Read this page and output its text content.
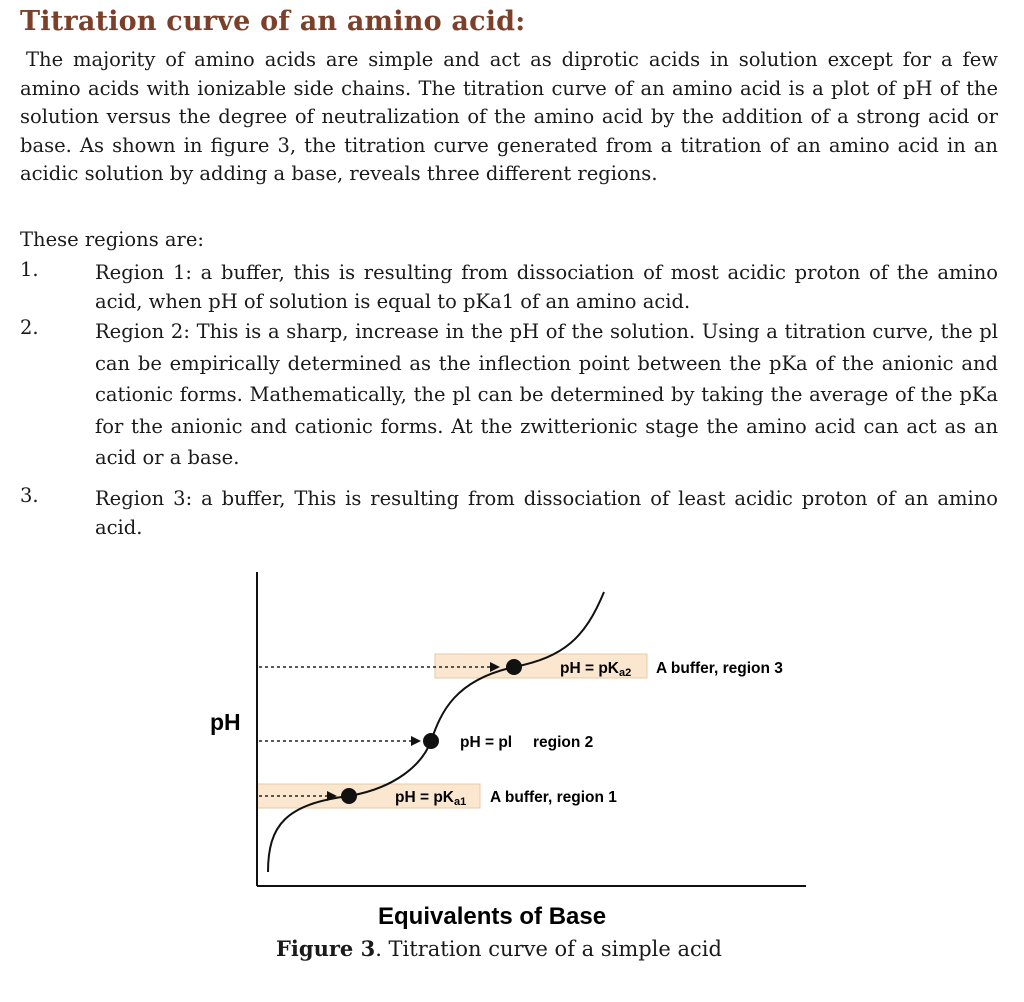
Titration curve of an amino acid:
The majority of amino acids are simple and act as diprotic acids in solution except for a few amino acids with ionizable side chains. The titration curve of an amino acid is a plot of pH of the solution versus the degree of neutralization of the amino acid by the addition of a strong acid or base. As shown in figure 3, the titration curve generated from a titration of an amino acid in an acidic solution by adding a base, reveals three different regions.
These regions are:
1.	Region 1: a buffer, this is resulting from dissociation of most acidic proton of the amino acid, when pH of solution is equal to pKa1 of an amino acid.
2.	Region 2: This is a sharp, increase in the pH of the solution. Using a titration curve, the pl can be empirically determined as the inflection point between the pKa of the anionic and cationic forms. Mathematically, the pl can be determined by taking the average of the pKa for the anionic and cationic forms. At the zwitterionic stage the amino acid can act as an acid or a base.
3.	Region 3: a buffer, This is resulting from dissociation of least acidic proton of an amino acid.
pH
pH = pKa2 A buffer, region 3
pH = pl region 2
pH = pKa1 A buffer, region 1
Equivalents of Base
Figure 3. Titration curve of a simple acid
